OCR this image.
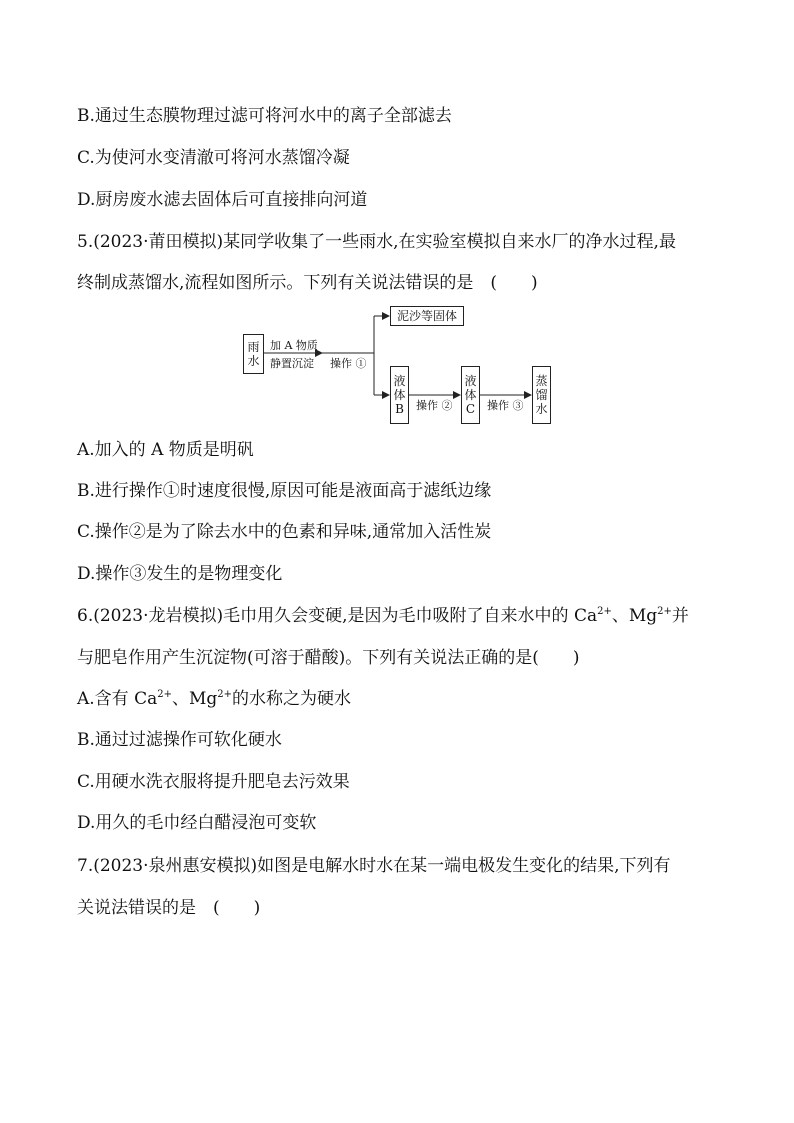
B.通过生态膜物理过滤可将河水中的离子全部滤去
C.为使河水变清澈可将河水蒸馏冷凝
D.厨房废水滤去固体后可直接排向河道
5.(2023·莆田模拟)某同学收集了一些雨水,在实验室模拟自来水厂的净水过程,最
终制成蒸馏水,流程如图所示。下列有关说法错误的是　(　　)
雨
水
加 A 物质
静置沉淀 操作 ①
泥沙等固体
液
体
B 操作 ②
液
体
C 操作 ③
蒸
馏
水
A.加入的 A 物质是明矾
B.进行操作①时速度很慢,原因可能是液面高于滤纸边缘
C.操作②是为了除去水中的色素和异味,通常加入活性炭
D.操作③发生的是物理变化
6.(2023·龙岩模拟)毛巾用久会变硬,是因为毛巾吸附了自来水中的 $Ca^{2+}$、$Mg^{2+}$并
与肥皂作用产生沉淀物(可溶于醋酸)。下列有关说法正确的是(　　)
A.含有 $Ca^{2+}$、$Mg^{2+}$的水称之为硬水
B.通过过滤操作可软化硬水
C.用硬水洗衣服将提升肥皂去污效果
D.用久的毛巾经白醋浸泡可变软
7.(2023·泉州惠安模拟)如图是电解水时水在某一端电极发生变化的结果,下列有
关说法错误的是　(　　)
